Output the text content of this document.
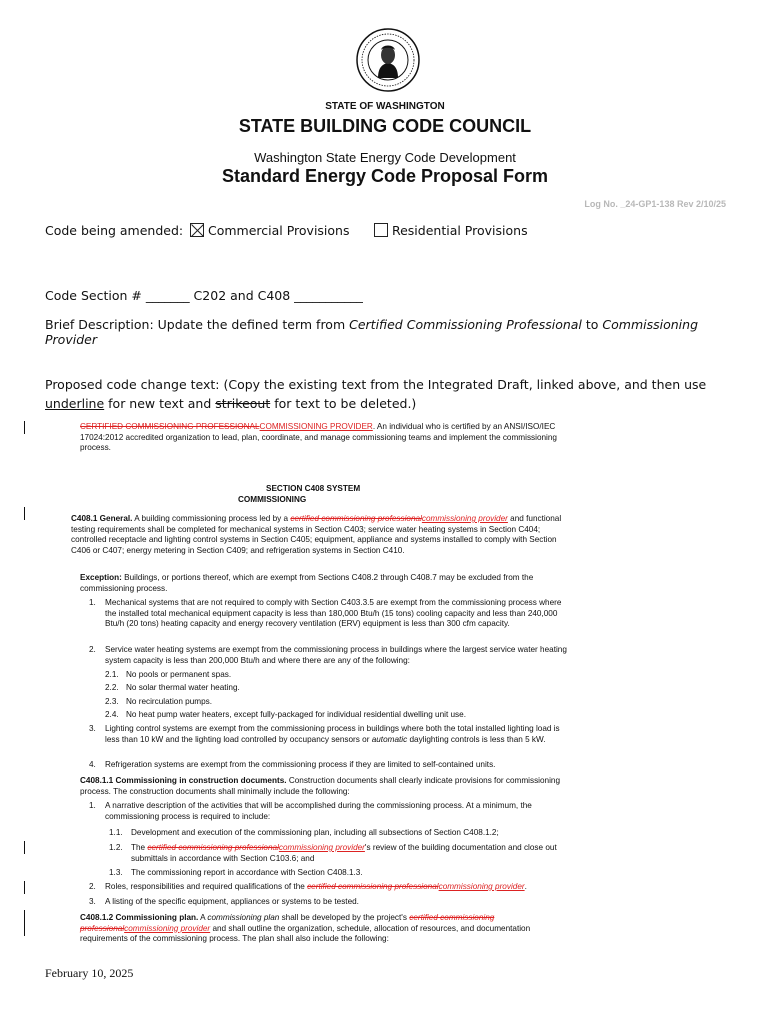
STATE OF WASHINGTON
STATE BUILDING CODE COUNCIL
Washington State Energy Code Development
Standard Energy Code Proposal Form
Log No. _24-GP1-138 Rev 2/10/25
Code being amended:	Commercial Provisions	Residential Provisions
Code Section # _______ C202 and C408 ___________
Brief Description: Update the defined term from Certified Commissioning Professional to Commissioning Provider
Proposed code change text: (Copy the existing text from the Integrated Draft, linked above, and then use underline for new text and strikeout for text to be deleted.)
CERTIFIED COMMISSIONING PROFESSIONALCOMMISSIONING PROVIDER. An individual who is certified by an ANSI/ISO/IEC 17024:2012 accredited organization to lead, plan, coordinate, and manage commissioning teams and implement the commissioning process.
SECTION C408 SYSTEM
COMMISSIONING
C408.1 General. A building commissioning process led by a certified commissioning professionalcommissioning provider and functional testing requirements shall be completed for mechanical systems in Section C403; service water heating systems in Section C404; controlled receptacle and lighting control systems in Section C405; equipment, appliance and systems installed to comply with Section C406 or C407; energy metering in Section C409; and refrigeration systems in Section C410.
Exception: Buildings, or portions thereof, which are exempt from Sections C408.2 through C408.7 may be excluded from the commissioning process.
1. Mechanical systems that are not required to comply with Section C403.3.5 are exempt from the commissioning process where the installed total mechanical equipment capacity is less than 180,000 Btu/h (15 tons) cooling capacity and less than 240,000 Btu/h (20 tons) heating capacity and energy recovery ventilation (ERV) equipment is less than 300 cfm capacity.
2. Service water heating systems are exempt from the commissioning process in buildings where the largest service water heating system capacity is less than 200,000 Btu/h and where there are any of the following:
2.1. No pools or permanent spas.
2.2. No solar thermal water heating.
2.3. No recirculation pumps.
2.4. No heat pump water heaters, except fully-packaged for individual residential dwelling unit use.
3. Lighting control systems are exempt from the commissioning process in buildings where both the total installed lighting load is less than 10 kW and the lighting load controlled by occupancy sensors or automatic daylighting controls is less than 5 kW.
4. Refrigeration systems are exempt from the commissioning process if they are limited to self-contained units.
C408.1.1 Commissioning in construction documents. Construction documents shall clearly indicate provisions for commissioning process. The construction documents shall minimally include the following:
1. A narrative description of the activities that will be accomplished during the commissioning process. At a minimum, the commissioning process is required to include:
1.1. Development and execution of the commissioning plan, including all subsections of Section C408.1.2;
1.2. The certified commissioning professionalcommissioning provider's review of the building documentation and close out submittals in accordance with Section C103.6; and
1.3. The commissioning report in accordance with Section C408.1.3.
2. Roles, responsibilities and required qualifications of the certified commissioning professionalcommissioning provider.
3. A listing of the specific equipment, appliances or systems to be tested.
C408.1.2 Commissioning plan. A commissioning plan shall be developed by the project's certified commissioning professionalcommissioning provider and shall outline the organization, schedule, allocation of resources, and documentation requirements of the commissioning process. The plan shall also include the following:
February 10, 2025
